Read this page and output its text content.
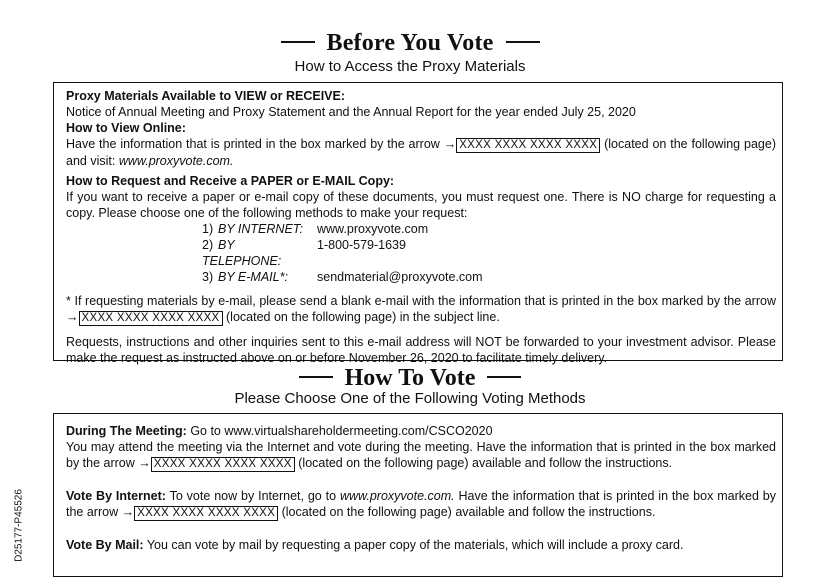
Before You Vote
How to Access the Proxy Materials
Proxy Materials Available to VIEW or RECEIVE:
Notice of Annual Meeting and Proxy Statement and the Annual Report for the year ended July 25, 2020
How to View Online:
Have the information that is printed in the box marked by the arrow → XXXX XXXX XXXX XXXX (located on the following page) and visit: www.proxyvote.com.
How to Request and Receive a PAPER or E-MAIL Copy:
If you want to receive a paper or e-mail copy of these documents, you must request one. There is NO charge for requesting a copy. Please choose one of the following methods to make your request:
1) BY INTERNET:	www.proxyvote.com
2) BY TELEPHONE:
1-800-579-1639
3) BY E-MAIL*:	sendmaterial@proxyvote.com
* If requesting materials by e-mail, please send a blank e-mail with the information that is printed in the box marked by the arrow → XXXX XXXX XXXX XXXX (located on the following page) in the subject line.
Requests, instructions and other inquiries sent to this e-mail address will NOT be forwarded to your investment advisor. Please make the request as instructed above on or before November 26, 2020 to facilitate timely delivery.
How To Vote
Please Choose One of the Following Voting Methods
During The Meeting: Go to www.virtualshareholdermeeting.com/CSCO2020
You may attend the meeting via the Internet and vote during the meeting. Have the information that is printed in the box marked by the arrow → XXXX XXXX XXXX XXXX (located on the following page) available and follow the instructions.
Vote By Internet: To vote now by Internet, go to www.proxyvote.com. Have the information that is printed in the box marked by the arrow → XXXX XXXX XXXX XXXX (located on the following page) available and follow the instructions.
Vote By Mail: You can vote by mail by requesting a paper copy of the materials, which will include a proxy card.
D25177-P45526
